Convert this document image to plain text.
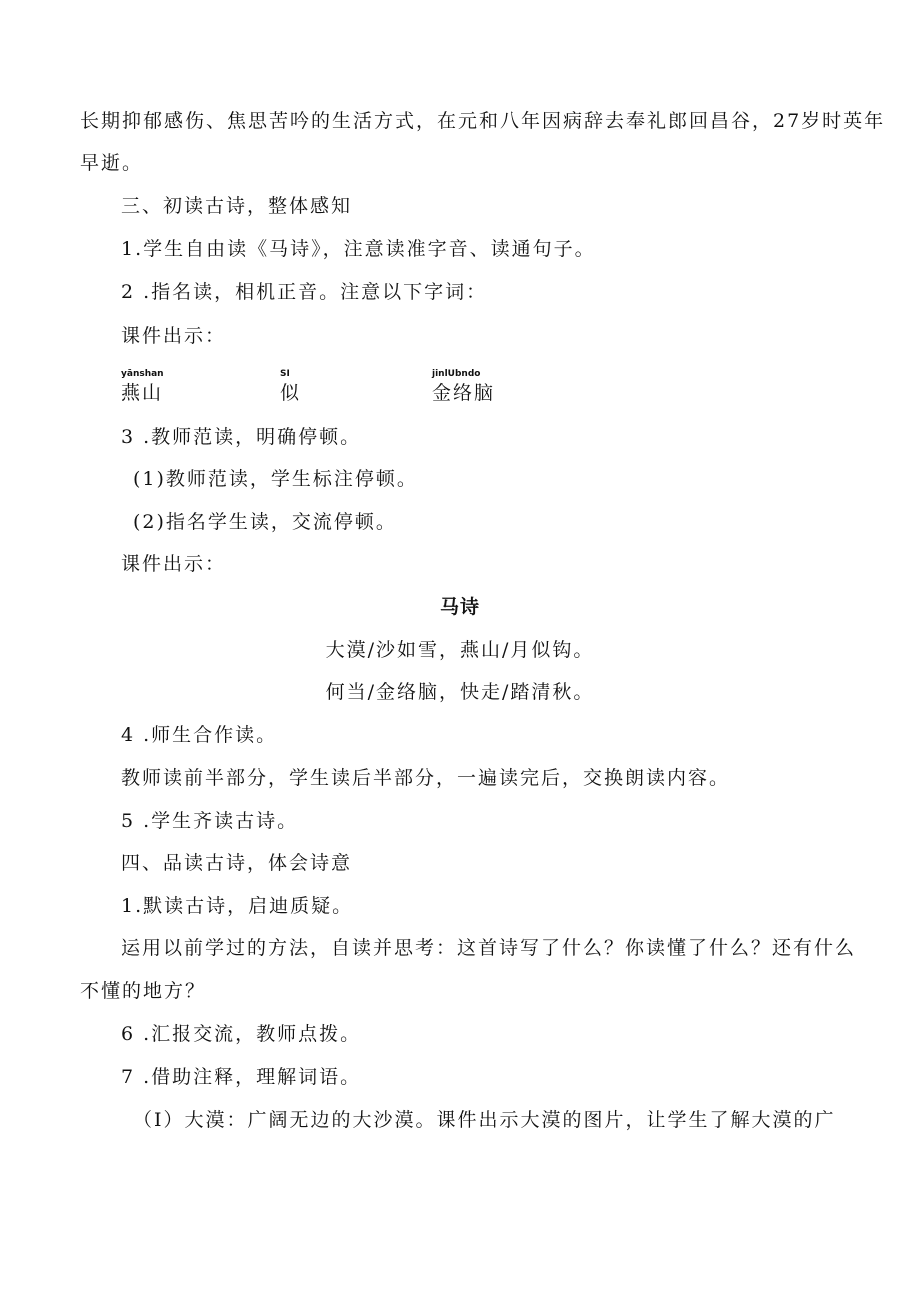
长期抑郁感伤、焦思苦吟的生活方式，在元和八年因病辞去奉礼郎回昌谷，27岁时英年

早逝。

三、初读古诗，整体感知

1.学生自由读《马诗》，注意读准字音、读通句子。

2 .指名读，相机正音。注意以下字词：

课件出示：

yānshan
燕山
SI
似
jinlUbndo
金络脑

3 .教师范读，明确停顿。

(1)教师范读，学生标注停顿。

(2)指名学生读，交流停顿。

课件出示：

马诗

大漠/沙如雪，燕山/月似钩。

何当/金络脑，快走/踏清秋。

4 .师生合作读。

教师读前半部分，学生读后半部分，一遍读完后，交换朗读内容。

5 .学生齐读古诗。

四、品读古诗，体会诗意

1.默读古诗，启迪质疑。

运用以前学过的方法，自读并思考：这首诗写了什么？你读懂了什么？还有什么

不懂的地方？

6 .汇报交流，教师点拨。

7 .借助注释，理解词语。

（I）大漠：广阔无边的大沙漠。课件出示大漠的图片，让学生了解大漠的广
